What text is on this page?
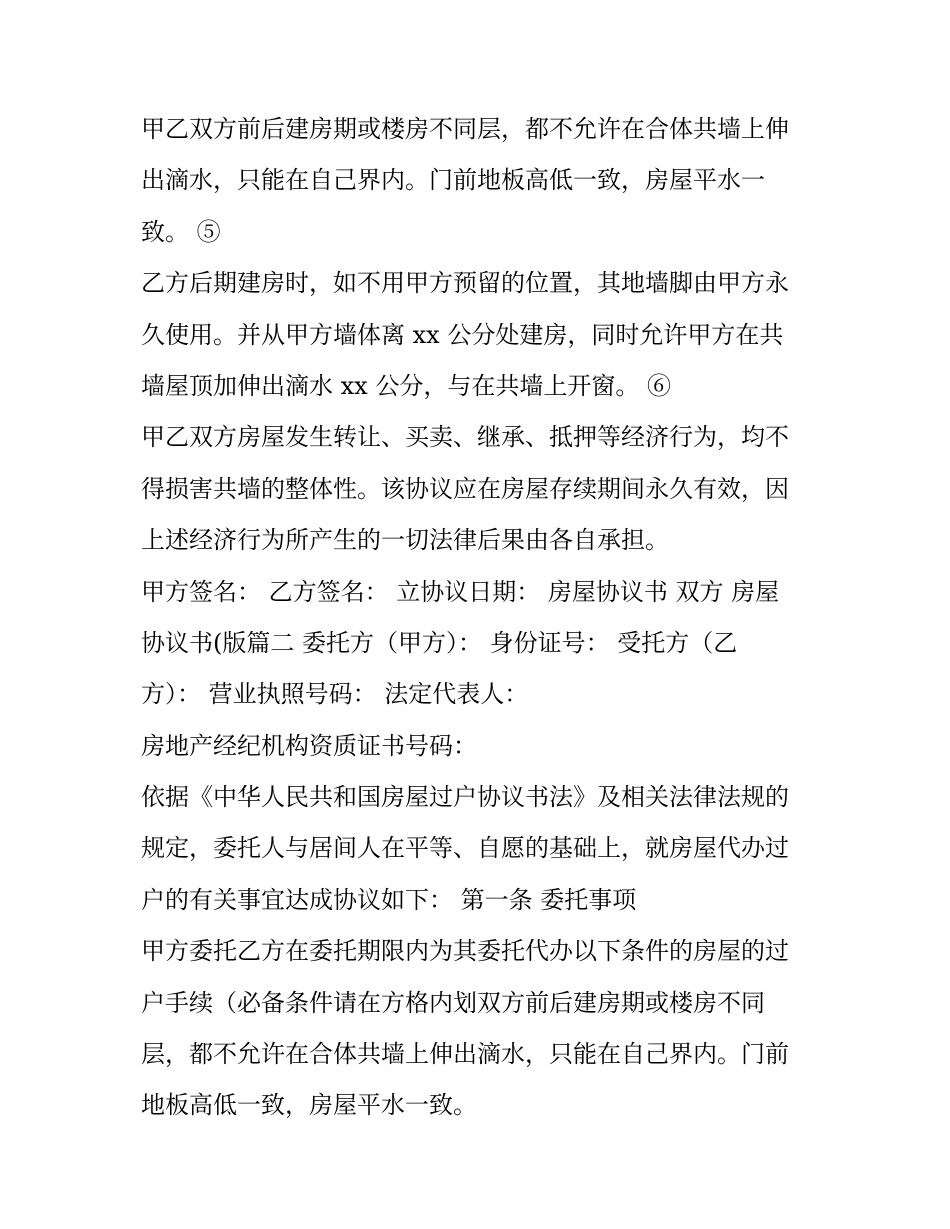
甲乙双方前后建房期或楼房不同层，都不允许在合体共墙上伸
出滴水，只能在自己界内。门前地板高低一致，房屋平水一
致。 ⑤
乙方后期建房时，如不用甲方预留的位置，其地墙脚由甲方永
久使用。并从甲方墙体离 xx 公分处建房，同时允许甲方在共
墙屋顶加伸出滴水 xx 公分，与在共墙上开窗。 ⑥
甲乙双方房屋发生转让、买卖、继承、抵押等经济行为，均不
得损害共墙的整体性。该协议应在房屋存续期间永久有效，因
上述经济行为所产生的一切法律后果由各自承担。
甲方签名： 乙方签名： 立协议日期： 房屋协议书 双方 房屋
协议书(版篇二 委托方（甲方）： 身份证号： 受托方（乙
方）： 营业执照号码： 法定代表人：
房地产经纪机构资质证书号码：
依据《中华人民共和国房屋过户协议书法》及相关法律法规的
规定，委托人与居间人在平等、自愿的基础上，就房屋代办过
户的有关事宜达成协议如下： 第一条 委托事项
甲方委托乙方在委托期限内为其委托代办以下条件的房屋的过
户手续（必备条件请在方格内划双方前后建房期或楼房不同
层，都不允许在合体共墙上伸出滴水，只能在自己界内。门前
地板高低一致，房屋平水一致。
